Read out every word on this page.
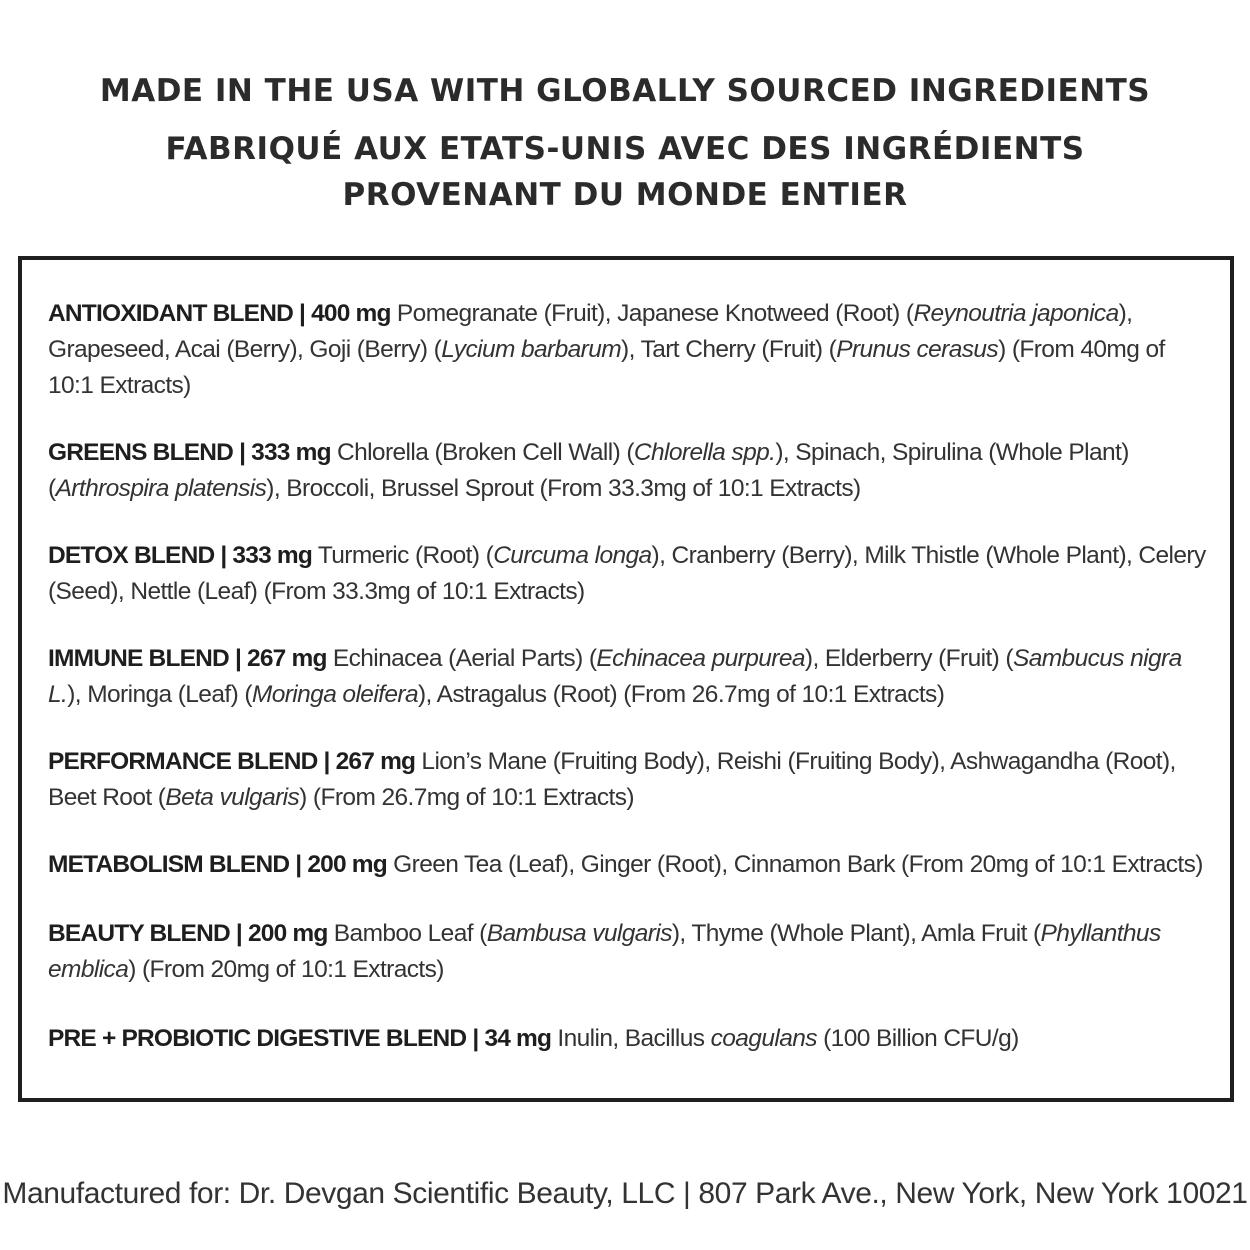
MADE IN THE USA WITH GLOBALLY SOURCED INGREDIENTS
FABRIQUÉ AUX ETATS-UNIS AVEC DES INGRÉDIENTS
PROVENANT DU MONDE ENTIER

ANTIOXIDANT BLEND | 400 mg Pomegranate (Fruit), Japanese Knotweed (Root) (Reynoutria japonica), Grapeseed, Acai (Berry), Goji (Berry) (Lycium barbarum), Tart Cherry (Fruit) (Prunus cerasus) (From 40mg of 10:1 Extracts)

GREENS BLEND | 333 mg Chlorella (Broken Cell Wall) (Chlorella spp.), Spinach, Spirulina (Whole Plant) (Arthrospira platensis), Broccoli, Brussel Sprout (From 33.3mg of 10:1 Extracts)

DETOX BLEND | 333 mg Turmeric (Root) (Curcuma longa), Cranberry (Berry), Milk Thistle (Whole Plant), Celery (Seed), Nettle (Leaf) (From 33.3mg of 10:1 Extracts)

IMMUNE BLEND | 267 mg Echinacea (Aerial Parts) (Echinacea purpurea), Elderberry (Fruit) (Sambucus nigra L.), Moringa (Leaf) (Moringa oleifera), Astragalus (Root) (From 26.7mg of 10:1 Extracts)

PERFORMANCE BLEND | 267 mg Lion’s Mane (Fruiting Body), Reishi (Fruiting Body), Ashwagandha (Root), Beet Root (Beta vulgaris) (From 26.7mg of 10:1 Extracts)

METABOLISM BLEND | 200 mg Green Tea (Leaf), Ginger (Root), Cinnamon Bark (From 20mg of 10:1 Extracts)

BEAUTY BLEND | 200 mg Bamboo Leaf (Bambusa vulgaris), Thyme (Whole Plant), Amla Fruit (Phyllanthus emblica) (From 20mg of 10:1 Extracts)

PRE + PROBIOTIC DIGESTIVE BLEND | 34 mg Inulin, Bacillus coagulans (100 Billion CFU/g)

Manufactured for: Dr. Devgan Scientific Beauty, LLC | 807 Park Ave., New York, New York 10021
